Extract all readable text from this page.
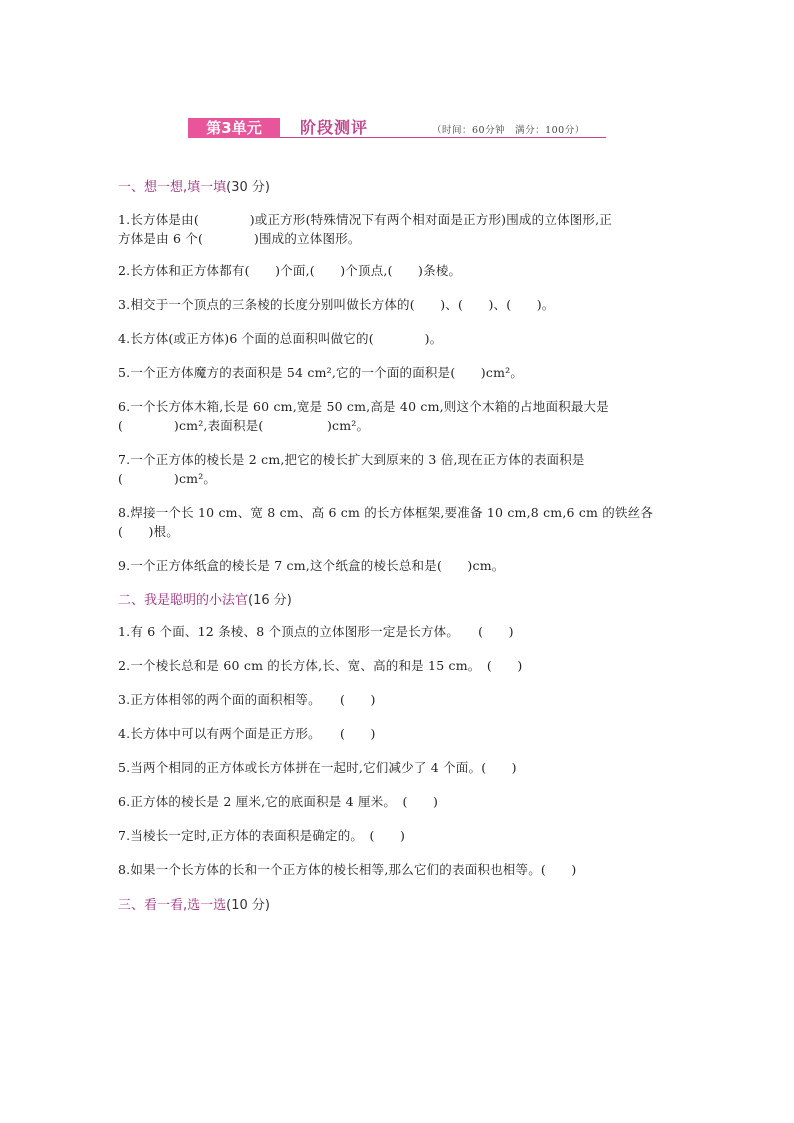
第3单元	阶段测评	（时间：60分钟　满分：100分）

一、想一想,填一填(30 分)

1.长方体是由(　　　　)或正方形(特殊情况下有两个相对面是正方形)围成的立体图形,正

方体是由 6 个(　　　　)围成的立体图形。

2.长方体和正方体都有(　　)个面,(　　)个顶点,(　　)条棱。

3.相交于一个顶点的三条棱的长度分别叫做长方体的(　　)、(　　)、(　　)。

4.长方体(或正方体)6 个面的总面积叫做它的(　　　　)。

5.一个正方体魔方的表面积是 54 cm²,它的一个面的面积是(　　)cm²。

6.一个长方体木箱,长是 60 cm,宽是 50 cm,高是 40 cm,则这个木箱的占地面积最大是

(　　　　)cm²,表面积是(　　　　　)cm²。

7.一个正方体的棱长是 2 cm,把它的棱长扩大到原来的 3 倍,现在正方体的表面积是

(　　　　)cm²。

8.焊接一个长 10 cm、宽 8 cm、高 6 cm 的长方体框架,要准备 10 cm,8 cm,6 cm 的铁丝各

(　　)根。

9.一个正方体纸盒的棱长是 7 cm,这个纸盒的棱长总和是(　　)cm。

二、我是聪明的小法官(16 分)

1.有 6 个面、12 条棱、8 个顶点的立体图形一定是长方体。　　(　　)

2.一个棱长总和是 60 cm 的长方体,长、宽、高的和是 15 cm。　(　　)

3.正方体相邻的两个面的面积相等。　　(　　)

4.长方体中可以有两个面是正方形。　　(　　)

5.当两个相同的正方体或长方体拼在一起时,它们减少了 4 个面。(　　)

6.正方体的棱长是 2 厘米,它的底面积是 4 厘米。　(　　)

7.当棱长一定时,正方体的表面积是确定的。　(　　)

8.如果一个长方体的长和一个正方体的棱长相等,那么它们的表面积也相等。(　　)

三、看一看,选一选(10 分)
